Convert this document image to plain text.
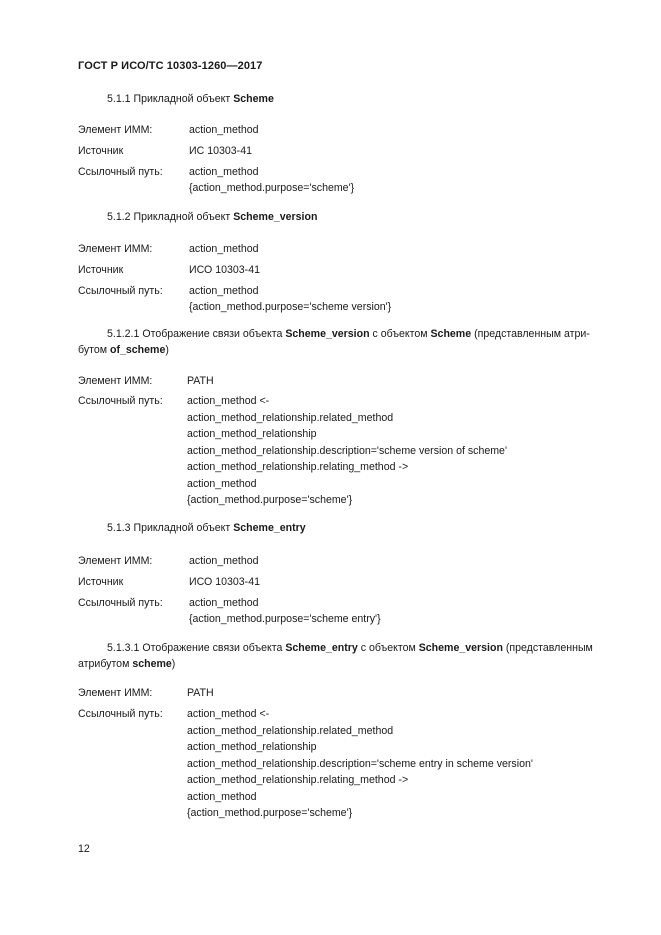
ГОСТ Р ИСО/ТС 10303-1260—2017
5.1.1 Прикладной объект Scheme
Элемент ИММ:	action_method
Источник	ИС 10303-41
Ссылочный путь: action_method
{action_method.purpose='scheme'}
5.1.2 Прикладной объект Scheme_version
Элемент ИММ:	action_method
Источник	ИСО 10303-41
Ссылочный путь: action_method
{action_method.purpose='scheme version'}
5.1.2.1 Отображение связи объекта Scheme_version с объектом Scheme (представленным атри-бутом of_scheme)
Элемент ИММ:	PATH
Ссылочный путь: action_method <-
action_method_relationship.related_method
action_method_relationship
action_method_relationship.description='scheme version of scheme'
action_method_relationship.relating_method ->
action_method
{action_method.purpose='scheme'}
5.1.3 Прикладной объект Scheme_entry
Элемент ИММ:	action_method
Источник	ИСО 10303-41
Ссылочный путь: action_method
{action_method.purpose='scheme entry'}
5.1.3.1 Отображение связи объекта Scheme_entry с объектом Scheme_version (представленным атрибутом scheme)
Элемент ИММ:	PATH
Ссылочный путь: action_method <-
action_method_relationship.related_method
action_method_relationship
action_method_relationship.description='scheme entry in scheme version'
action_method_relationship.relating_method ->
action_method
{action_method.purpose='scheme'}
12
